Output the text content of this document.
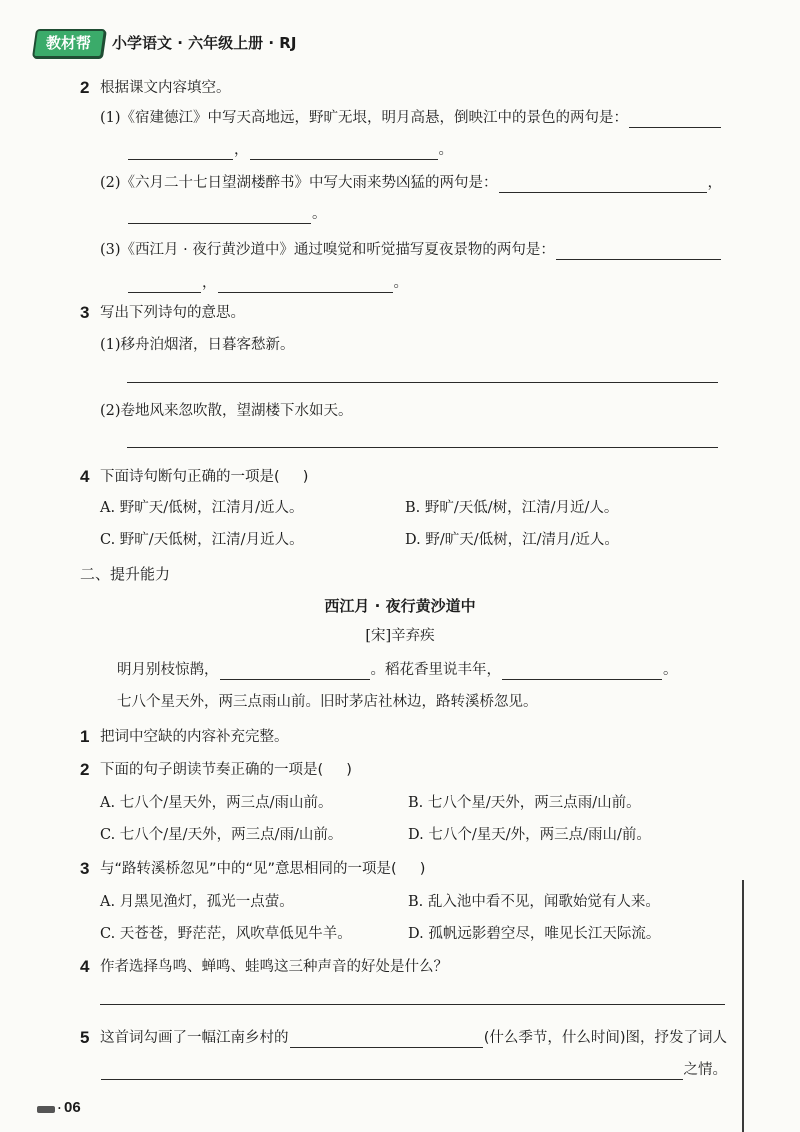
教材帮	小学语文 · 六年级上册 · RJ
2 根据课文内容填空。
(1)《宿建德江》中写天高地远，野旷无垠，明月高悬，倒映江中的景色的两句是：
，	。
(2)《六月二十七日望湖楼醉书》中写大雨来势凶猛的两句是：	，
。
(3)《西江月 · 夜行黄沙道中》通过嗅觉和听觉描写夏夜景物的两句是：
，	。
3 写出下列诗句的意思。
(1)移舟泊烟渚，日暮客愁新。
(2)卷地风来忽吹散，望湖楼下水如天。
4 下面诗句断句正确的一项是(     )
A. 野旷天/低树，江清月/近人。	B. 野旷/天低/树，江清/月近/人。
C. 野旷/天低树，江清/月近人。	D. 野/旷天/低树，江/清月/近人。
二、提升能力
西江月 · 夜行黄沙道中
[宋]辛弃疾
明月别枝惊鹊，	。稻花香里说丰年，	。
七八个星天外，两三点雨山前。旧时茅店社林边，路转溪桥忽见。
1 把词中空缺的内容补充完整。
2 下面的句子朗读节奏正确的一项是(     )
A. 七八个/星天外，两三点/雨山前。	B. 七八个星/天外，两三点雨/山前。
C. 七八个/星/天外，两三点/雨/山前。	D. 七八个/星天/外，两三点/雨山/前。
3 与“路转溪桥忽见”中的“见”意思相同的一项是(     )
A. 月黑见渔灯，孤光一点萤。	B. 乱入池中看不见，闻歌始觉有人来。
C. 天苍苍，野茫茫，风吹草低见牛羊。	D. 孤帆远影碧空尽，唯见长江天际流。
4 作者选择鸟鸣、蝉鸣、蛙鸣这三种声音的好处是什么？
5 这首词勾画了一幅江南乡村的	(什么季节，什么时间)图，抒发了词人
之情。
· 06
